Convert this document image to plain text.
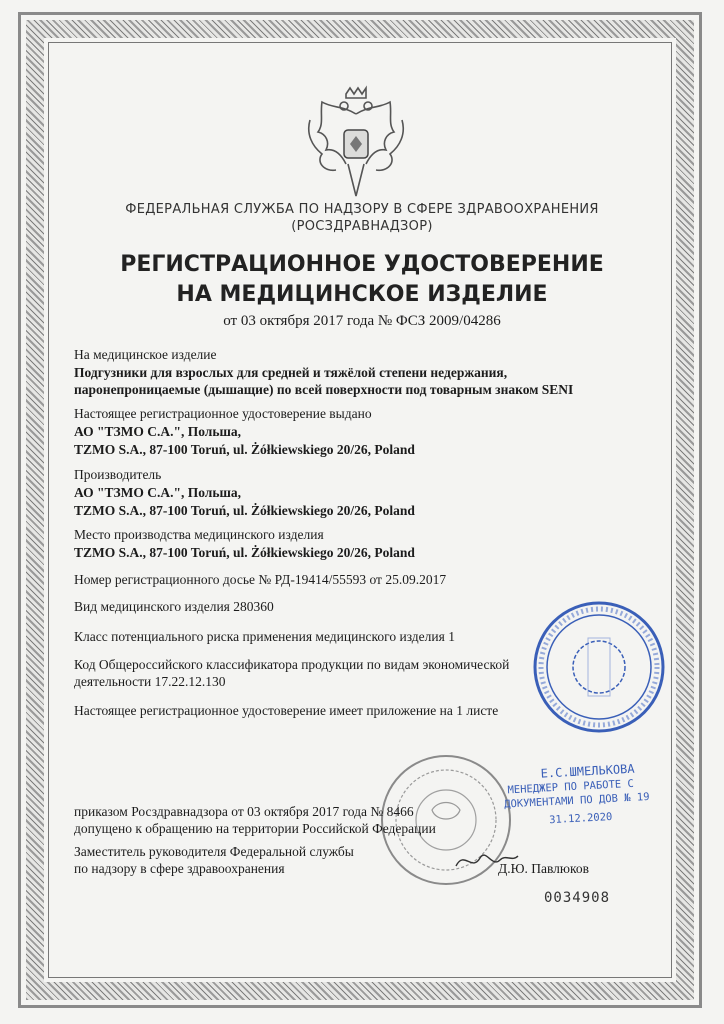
ФЕДЕРАЛЬНАЯ СЛУЖБА ПО НАДЗОРУ В СФЕРЕ ЗДРАВООХРАНЕНИЯ
(РОСЗДРАВНАДЗОР)
РЕГИСТРАЦИОННОЕ УДОСТОВЕРЕНИЕ
НА МЕДИЦИНСКОЕ ИЗДЕЛИЕ
от 03 октября 2017 года № ФСЗ 2009/04286
На медицинское изделие
Подгузники для взрослых для средней и тяжёлой степени недержания,
паронепроницаемые (дышащие) по всей поверхности под товарным знаком SENI
Настоящее регистрационное удостоверение выдано
АО "ТЗМО С.А.", Польша,
TZMO S.A., 87-100 Toruń, ul. Żółkiewskiego 20/26, Poland
Производитель
АО "ТЗМО С.А.", Польша,
TZMO S.A., 87-100 Toruń, ul. Żółkiewskiego 20/26, Poland
Место производства медицинского изделия
TZMO S.A., 87-100 Toruń, ul. Żółkiewskiego 20/26, Poland
Номер регистрационного досье № РД-19414/55593 от 25.09.2017
Вид медицинского изделия 280360
Класс потенциального риска применения медицинского изделия 1
Код Общероссийского классификатора продукции по видам экономической
деятельности 17.22.12.130
Настоящее регистрационное удостоверение имеет приложение на 1 листе
приказом Росздравнадзора от 03 октября 2017 года № 8466
допущено к обращению на территории Российской Федерации
Заместитель руководителя Федеральной службы
по надзору в сфере здравоохранения	Д.Ю. Павлюков
Е.С.ШМЕЛЬКОВА
МЕНЕДЖЕР ПО РАБОТЕ С
ДОКУМЕНТАМИ ПО ДОВ № 19
31.12.2020
0034908
